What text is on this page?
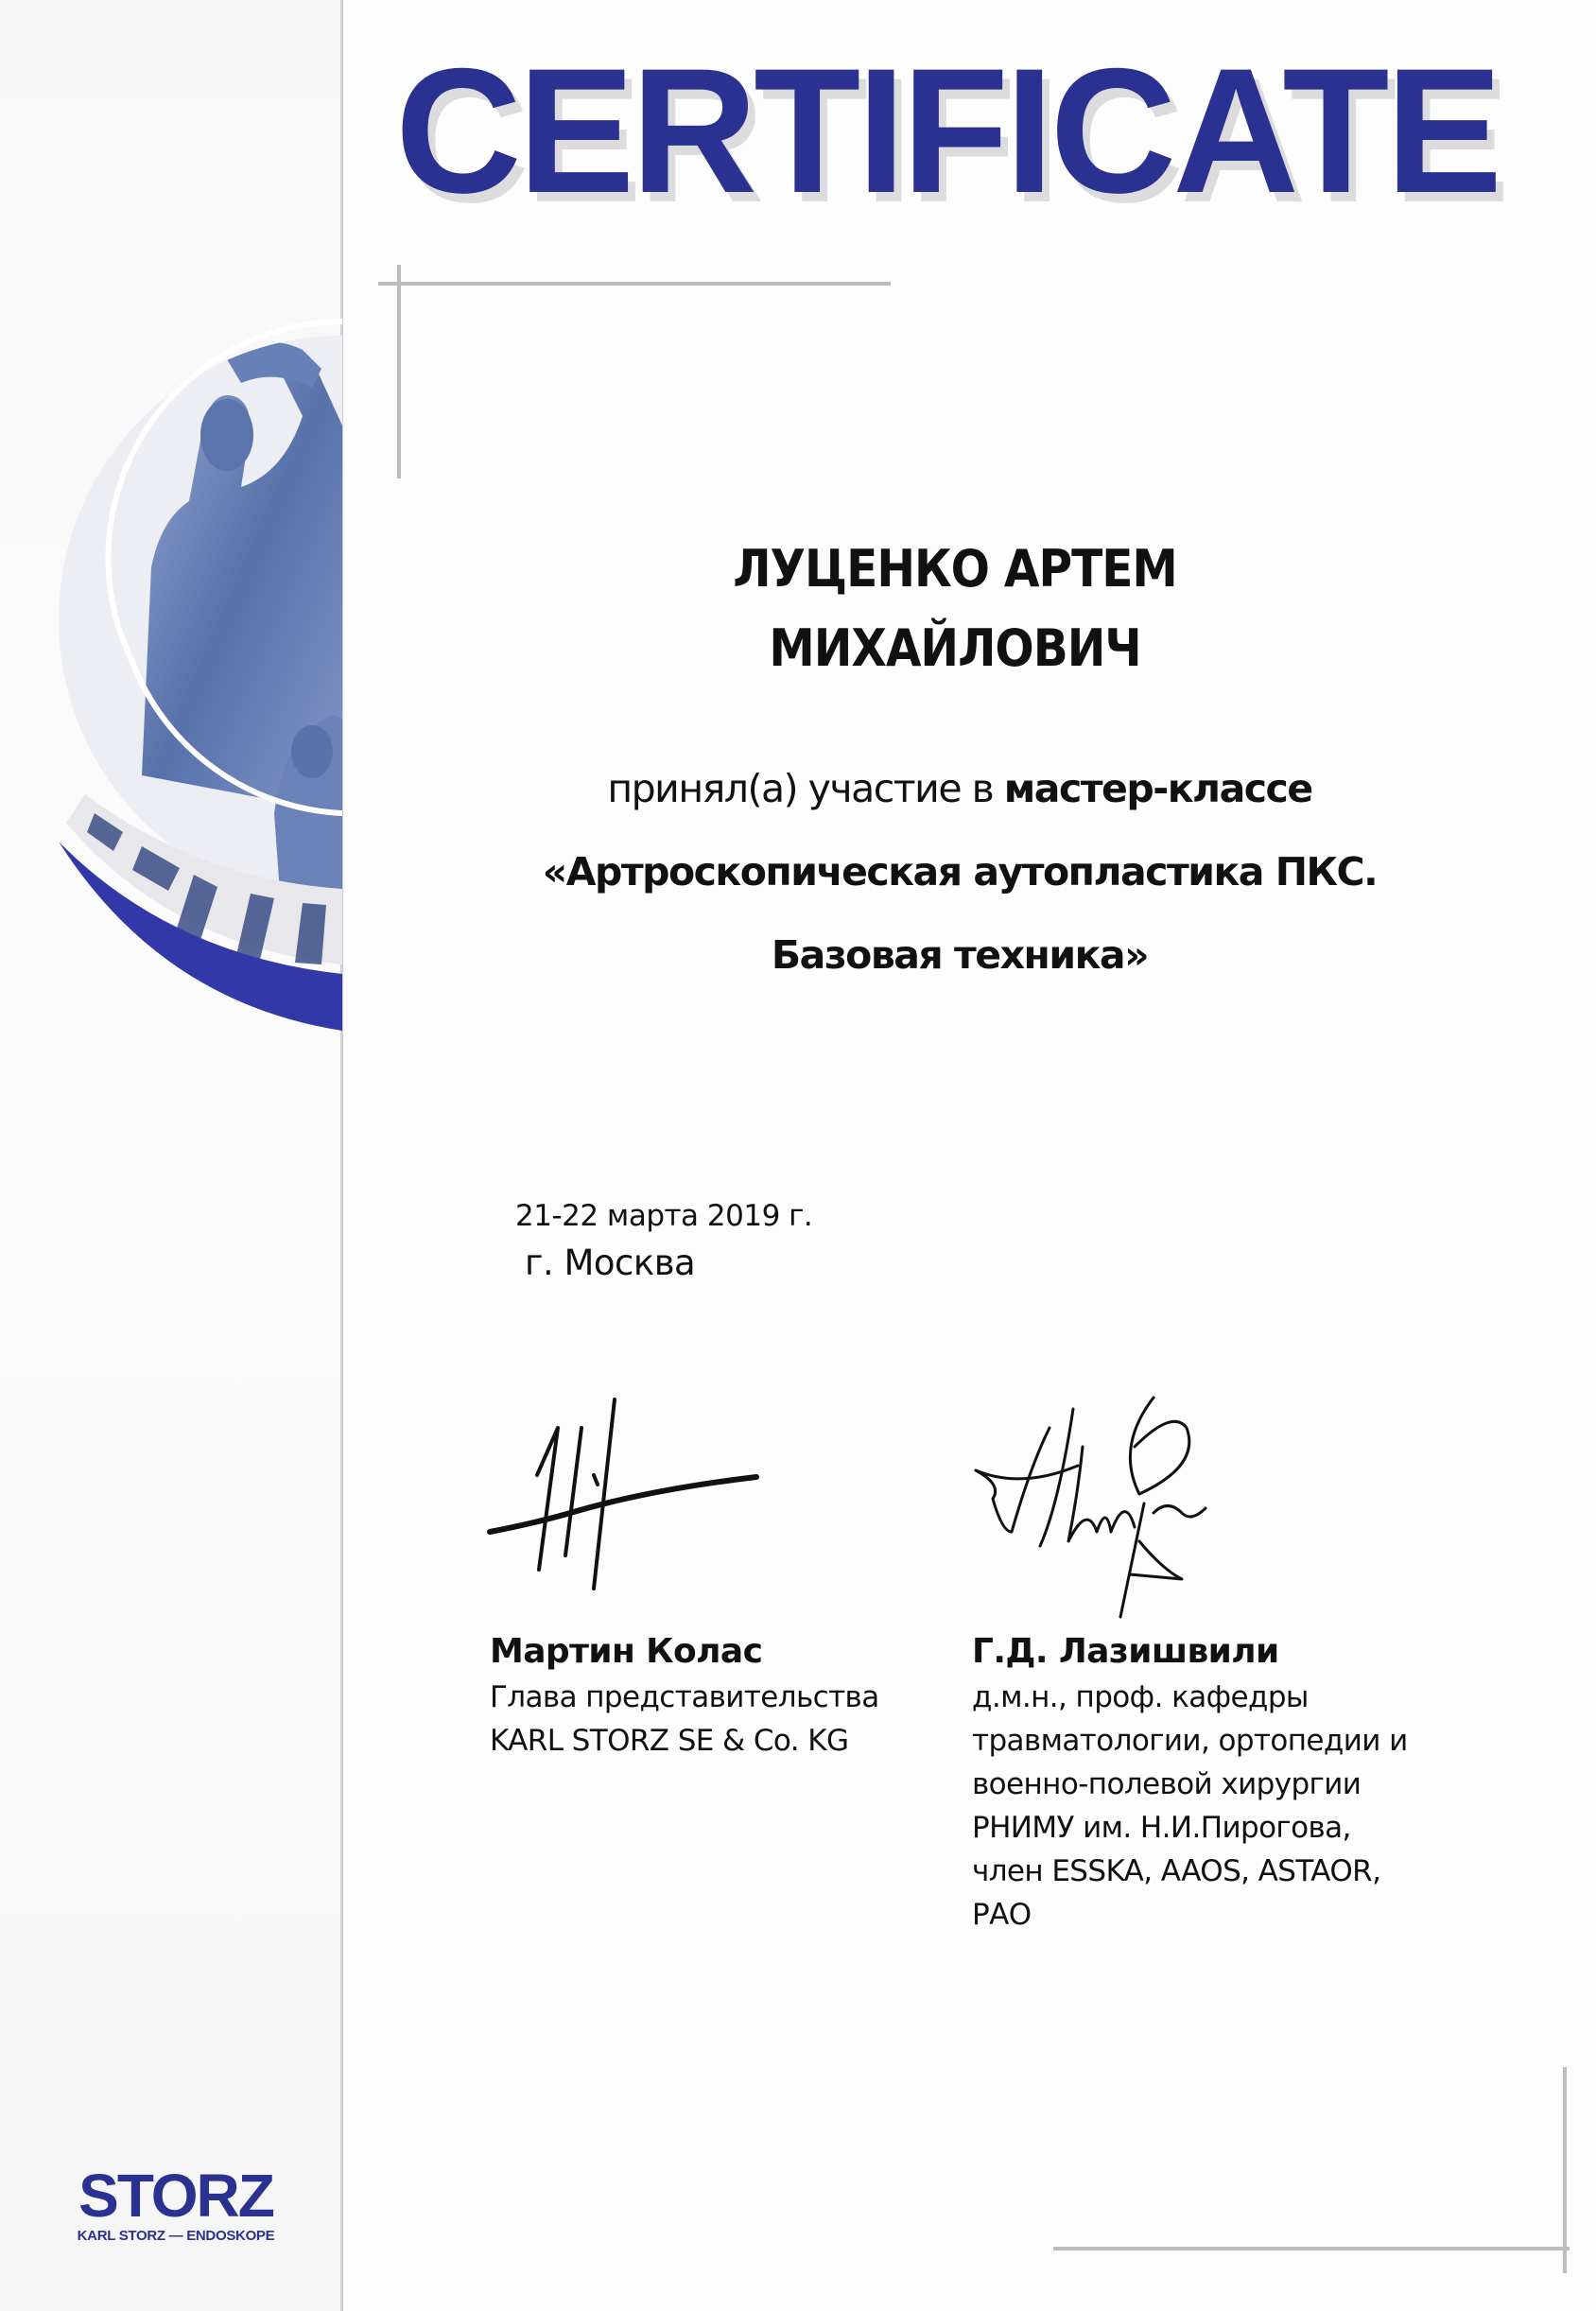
CERTIFICATE
ЛУЦЕНКО АРТЕМ
МИХАЙЛОВИЧ
принял(а) участие в мастер-классе
«Артроскопическая аутопластика ПКС.
Базовая техника»
21-22 марта 2019 г.
г. Москва
Мартин Колас
Глава представительства
KARL STORZ SE & Co. KG
Г.Д. Лазишвили
д.м.н., проф. кафедры
травматологии, ортопедии и
военно-полевой хирургии
РНИМУ им. Н.И.Пирогова,
член ESSKA, AAOS, ASTAOR,
РАО
STORZ
KARL STORZ — ENDOSKOPE
